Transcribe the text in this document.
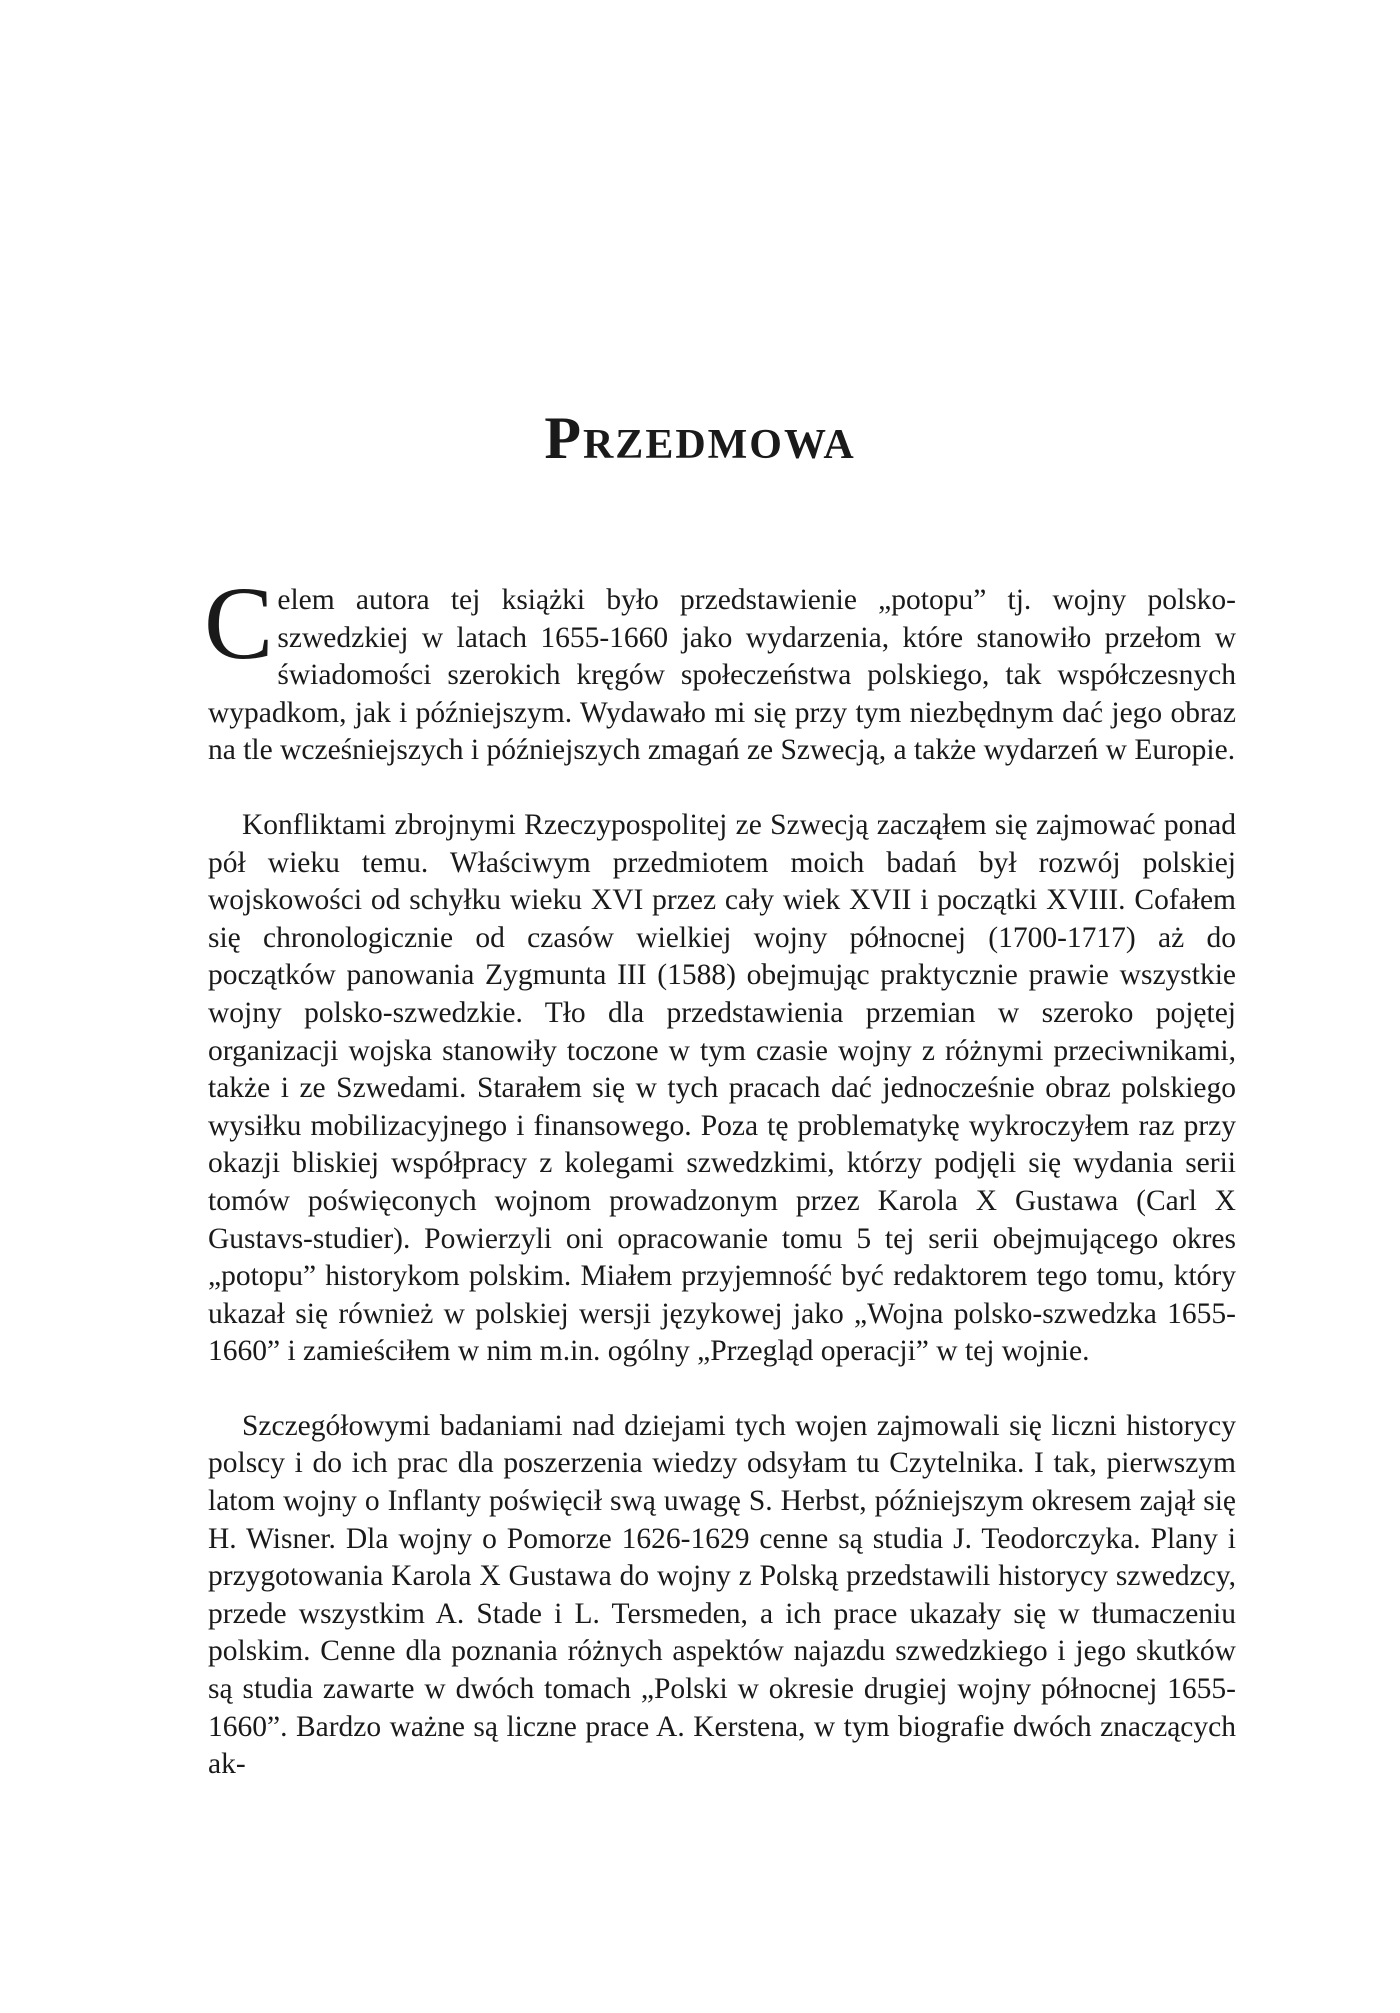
Przedmowa

Celem autora tej książki było przedstawienie „potopu” tj. wojny polsko-szwedzkiej w latach 1655-1660 jako wydarzenia, które stanowiło przełom w świadomości szerokich kręgów społeczeństwa polskiego, tak współczesnych wypadkom, jak i późniejszym. Wydawało mi się przy tym niezbędnym dać jego obraz na tle wcześniejszych i późniejszych zmagań ze Szwecją, a także wydarzeń w Europie.

Konfliktami zbrojnymi Rzeczypospolitej ze Szwecją zacząłem się zajmować ponad pół wieku temu. Właściwym przedmiotem moich badań był rozwój polskiej wojskowości od schyłku wieku XVI przez cały wiek XVII i początki XVIII. Cofałem się chronologicznie od czasów wielkiej wojny północnej (1700-1717) aż do początków panowania Zygmunta III (1588) obejmując praktycznie prawie wszystkie wojny polsko-szwedzkie. Tło dla przedstawienia przemian w szeroko pojętej organizacji wojska stanowiły toczone w tym czasie wojny z różnymi przeciwnikami, także i ze Szwedami. Starałem się w tych pracach dać jednocześnie obraz polskiego wysiłku mobilizacyjnego i finansowego. Poza tę problematykę wykroczyłem raz przy okazji bliskiej współpracy z kolegami szwedzkimi, którzy podjęli się wydania serii tomów poświęconych wojnom prowadzonym przez Karola X Gustawa (Carl X Gustavs-studier). Powierzyli oni opracowanie tomu 5 tej serii obejmującego okres „potopu” historykom polskim. Miałem przyjemność być redaktorem tego tomu, który ukazał się również w polskiej wersji językowej jako „Wojna polsko-szwedzka 1655-1660” i zamieściłem w nim m.in. ogólny „Przegląd operacji” w tej wojnie.

Szczegółowymi badaniami nad dziejami tych wojen zajmowali się liczni historycy polscy i do ich prac dla poszerzenia wiedzy odsyłam tu Czytelnika. I tak, pierwszym latom wojny o Inflanty poświęcił swą uwagę S. Herbst, późniejszym okresem zajął się H. Wisner. Dla wojny o Pomorze 1626-1629 cenne są studia J. Teodorczyka. Plany i przygotowania Karola X Gustawa do wojny z Polską przedstawili historycy szwedzcy, przede wszystkim A. Stade i L. Tersmeden, a ich prace ukazały się w tłumaczeniu polskim. Cenne dla poznania różnych aspektów najazdu szwedzkiego i jego skutków są studia zawarte w dwóch tomach „Polski w okresie drugiej wojny północnej 1655-1660”. Bardzo ważne są liczne prace A. Kerstena, w tym biografie dwóch znaczących ak-
